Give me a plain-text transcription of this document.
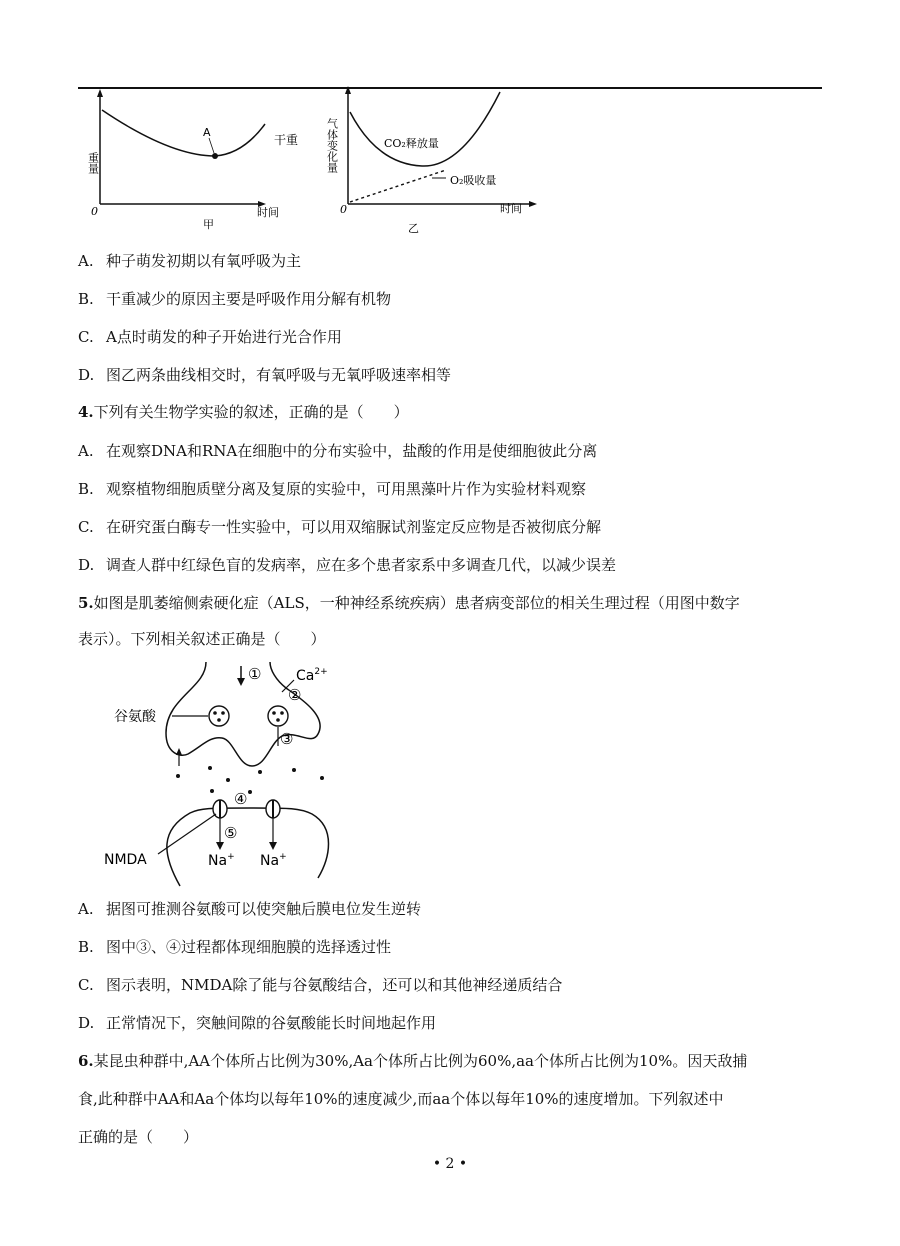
A
干重
重量
0	时间
甲
CO₂释放量
O₂吸收量
气体变化量
0	时间
乙
A. 种子萌发初期以有氧呼吸为主
B. 干重减少的原因主要是呼吸作用分解有机物
C. A点时萌发的种子开始进行光合作用
D. 图乙两条曲线相交时，有氧呼吸与无氧呼吸速率相等
4.下列有关生物学实验的叙述，正确的是（　　）
A. 在观察DNA和RNA在细胞中的分布实验中，盐酸的作用是使细胞彼此分离
B. 观察植物细胞质壁分离及复原的实验中，可用黑藻叶片作为实验材料观察
C. 在研究蛋白酶专一性实验中，可以用双缩脲试剂鉴定反应物是否被彻底分解
D. 调查人群中红绿色盲的发病率，应在多个患者家系中多调查几代，以减少误差
5.如图是肌萎缩侧索硬化症（ALS，一种神经系统疾病）患者病变部位的相关生理过程（用图中数字
表示）。下列相关叙述正确是（　　）
① $Ca^{2+}$
②
谷氨酸
③
④
⑤
Na+ Na+
NMDA
A. 据图可推测谷氨酸可以使突触后膜电位发生逆转
B. 图中③、④过程都体现细胞膜的选择透过性
C. 图示表明，NMDA除了能与谷氨酸结合，还可以和其他神经递质结合
D. 正常情况下，突触间隙的谷氨酸能长时间地起作用
6.某昆虫种群中,AA个体所占比例为30%,Aa个体所占比例为60%,aa个体所占比例为10%。因天敌捕
食,此种群中AA和Aa个体均以每年10%的速度减少,而aa个体以每年10%的速度增加。下列叙述中
正确的是（　　）
• 2 •
